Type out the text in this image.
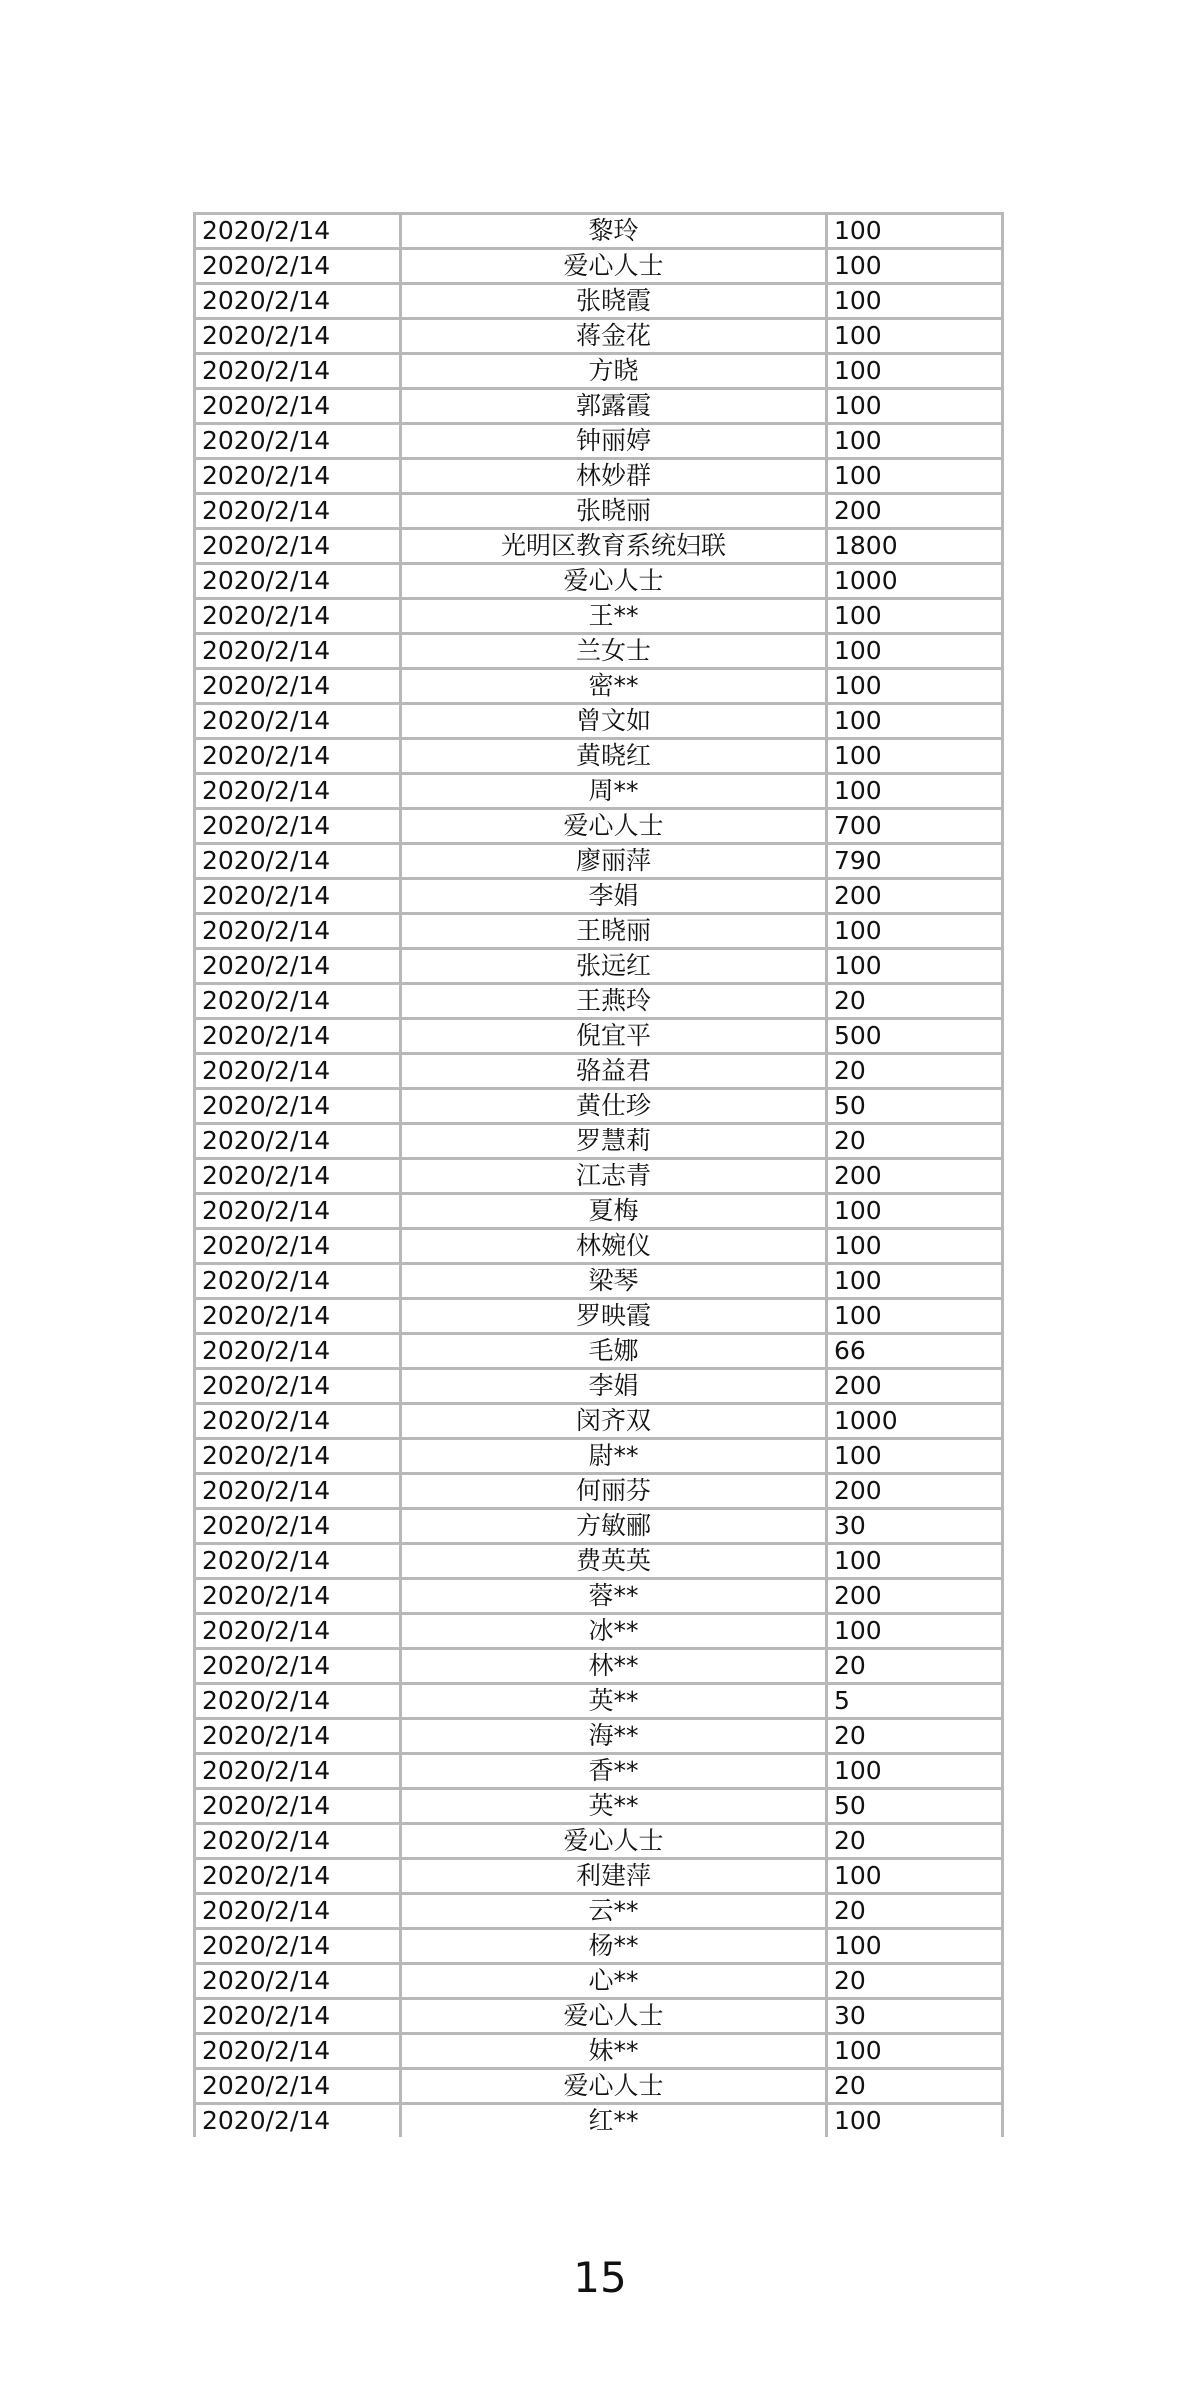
2020/2/14	黎玲	100
2020/2/14	爱心人士	100
2020/2/14	张晓霞	100
2020/2/14	蒋金花	100
2020/2/14	方晓	100
2020/2/14	郭露霞	100
2020/2/14	钟丽婷	100
2020/2/14	林妙群	100
2020/2/14	张晓丽	200
2020/2/14	光明区教育系统妇联	1800
2020/2/14	爱心人士	1000
2020/2/14	王**	100
2020/2/14	兰女士	100
2020/2/14	密**	100
2020/2/14	曾文如	100
2020/2/14	黄晓红	100
2020/2/14	周**	100
2020/2/14	爱心人士	700
2020/2/14	廖丽萍	790
2020/2/14	李娟	200
2020/2/14	王晓丽	100
2020/2/14	张远红	100
2020/2/14	王燕玲	20
2020/2/14	倪宜平	500
2020/2/14	骆益君	20
2020/2/14	黄仕珍	50
2020/2/14	罗慧莉	20
2020/2/14	江志青	200
2020/2/14	夏梅	100
2020/2/14	林婉仪	100
2020/2/14	梁琴	100
2020/2/14	罗映霞	100
2020/2/14	毛娜	66
2020/2/14	李娟	200
2020/2/14	闵齐双	1000
2020/2/14	尉**	100
2020/2/14	何丽芬	200
2020/2/14	方敏郦	30
2020/2/14	费英英	100
2020/2/14	蓉**	200
2020/2/14	冰**	100
2020/2/14	林**	20
2020/2/14	英**	5
2020/2/14	海**	20
2020/2/14	香**	100
2020/2/14	英**	50
2020/2/14	爱心人士	20
2020/2/14	利建萍	100
2020/2/14	云**	20
2020/2/14	杨**	100
2020/2/14	心**	20
2020/2/14	爱心人士	30
2020/2/14	妹**	100
2020/2/14	爱心人士	20
2020/2/14	红**	100
15
